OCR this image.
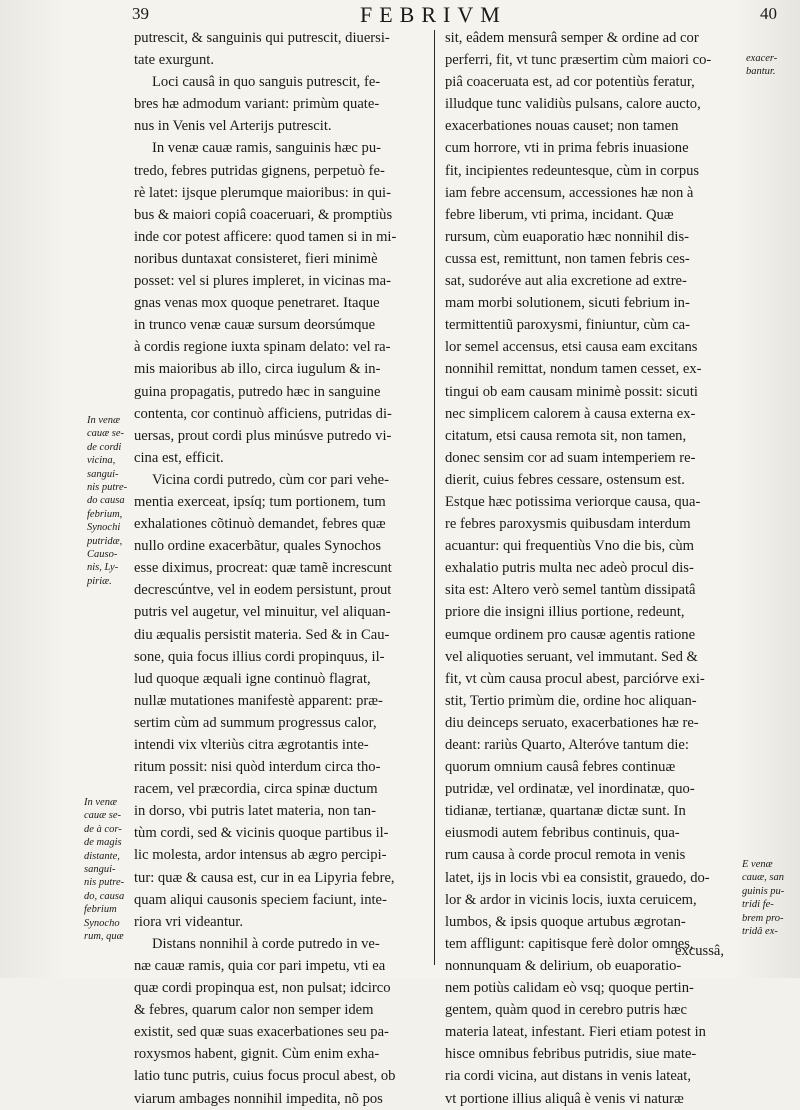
39	FEBRIVM	40
putrescit, & sanguinis qui putrescit, diuersi-
tate exurgunt.
Loci causâ in quo sanguis putrescit, fe-
bres hæ admodum variant: primùm quate-
nus in Venis vel Arterijs putrescit.
In venæ cauæ ramis, sanguinis hæc pu-
tredo, febres putridas gignens, perpetuò fe-
rè latet: ijsque plerumque maioribus: in qui-
bus & maiori copiâ coaceruari, & promptiùs
inde cor potest afficere: quod tamen si in mi-
noribus duntaxat consisteret, fieri minimè
posset: vel si plures impleret, in vicinas ma-
gnas venas mox quoque penetraret. Itaque
in trunco venæ cauæ sursum deorsúmque
à cordis regione iuxta spinam delato: vel ra-
mis maioribus ab illo, circa iugulum & in-
guina propagatis, putredo hæc in sanguine
contenta, cor continuò afficiens, putridas di-
uersas, prout cordi plus minúsve putredo vi-
cina est, efficit.
Vicina cordi putredo, cùm cor pari vehe-
mentia exerceat, ipsíq; tum portionem, tum
exhalationes cõtinuò demandet, febres quæ
nullo ordine exacerbãtur, quales Synochos
esse diximus, procreat: quæ tamẽ increscunt
decrescúntve, vel in eodem persistunt, prout
putris vel augetur, vel minuitur, vel aliquan-
diu æqualis persistit materia. Sed & in Cau-
sone, quia focus illius cordi propinquus, il-
lud quoque æquali igne continuò flagrat,
nullæ mutationes manifestè apparent: præ-
sertim cùm ad summum progressus calor,
intendi vix vlteriùs citra ægrotantis inte-
ritum possit: nisi quòd interdum circa tho-
racem, vel præcordia, circa spinæ ductum
in dorso, vbi putris latet materia, non tan-
tùm cordi, sed & vicinis quoque partibus il-
lic molesta, ardor intensus ab ægro percipi-
tur: quæ & causa est, cur in ea Lipyria febre,
quam aliqui causonis speciem faciunt, inte-
riora vri videantur.
Distans nonnihil à corde putredo in ve-
næ cauæ ramis, quia cor pari impetu, vti ea
quæ cordi propinqua est, non pulsat; idcirco
& febres, quarum calor non semper idem
existit, sed quæ suas exacerbationes seu pa-
roxysmos habent, gignit. Cùm enim exha-
latio tunc putris, cuius focus procul abest, ob
viarum ambages nonnihil impedita, nõ pos
sit, eâdem mensurâ semper & ordine ad cor
perferri, fit, vt tunc præsertim cùm maiori co-
piâ coaceruata est, ad cor potentiùs feratur,
illudque tunc validiùs pulsans, calore aucto,
exacerbationes nouas causet; non tamen
cum horrore, vti in prima febris inuasione
fit, incipientes redeuntesque, cùm in corpus
iam febre accensum, accessiones hæ non à
febre liberum, vti prima, incidant. Quæ
rursum, cùm euaporatio hæc nonnihil dis-
cussa est, remittunt, non tamen febris ces-
sat, sudoréve aut alia excretione ad extre-
mam morbi solutionem, sicuti febrium in-
termittentiũ paroxysmi, finiuntur, cùm ca-
lor semel accensus, etsi causa eam excitans
nonnihil remittat, nondum tamen cesset, ex-
tingui ob eam causam minimè possit: sicuti
nec simplicem calorem à causa externa ex-
citatum, etsi causa remota sit, non tamen,
donec sensim cor ad suam intemperiem re-
dierit, cuius febres cessare, ostensum est.
Estque hæc potissima veriorque causa, qua-
re febres paroxysmis quibusdam interdum
acuantur: qui frequentiùs Vno die bis, cùm
exhalatio putris multa nec adeò procul dis-
sita est: Altero verò semel tantùm dissipatâ
priore die insigni illius portione, redeunt,
eumque ordinem pro causæ agentis ratione
vel aliquoties seruant, vel immutant. Sed &
fit, vt cùm causa procul abest, parciórve exi-
stit, Tertio primùm die, ordine hoc aliquan-
diu deinceps seruato, exacerbationes hæ re-
deant: rariùs Quarto, Alteróve tantum die:
quorum omnium causâ febres continuæ
putridæ, vel ordinatæ, vel inordinatæ, quo-
tidianæ, tertianæ, quartanæ dictæ sunt. In
eiusmodi autem febribus continuis, qua-
rum causa à corde procul remota in venis
latet, ijs in locis vbi ea consistit, grauedo, do-
lor & ardor in vicinis locis, iuxta ceruicem,
lumbos, & ipsis quoque artubus ægrotan-
tem affligunt: capitisque ferè dolor omnes,
nonnunquam & delirium, ob euaporatio-
nem potiùs calidam eò vsq; quoque pertin-
gentem, quàm quod in cerebro putris hæc
materia lateat, infestant. Fieri etiam potest in
hisce omnibus febribus putridis, siue mate-
ria cordi vicina, aut distans in venis lateat,
vt portione illius aliquâ è venis vi naturæ
In venæ
cauæ se-
de cordi
vicina,
sangui-
nis putre-
do causa
febrium,
Synochi
putridæ,
Causo-
nis, Ly-
piriæ.
In venæ
cauæ se-
de à cor-
de magis
distante,
sangui-
nis putre-
do, causa
febrium
Synocho
rum, quæ
exacer-
bantur.
E venæ
cauæ, san
guinis pu-
tridi fe-
brem pro-
tridâ ex-
excussâ,
